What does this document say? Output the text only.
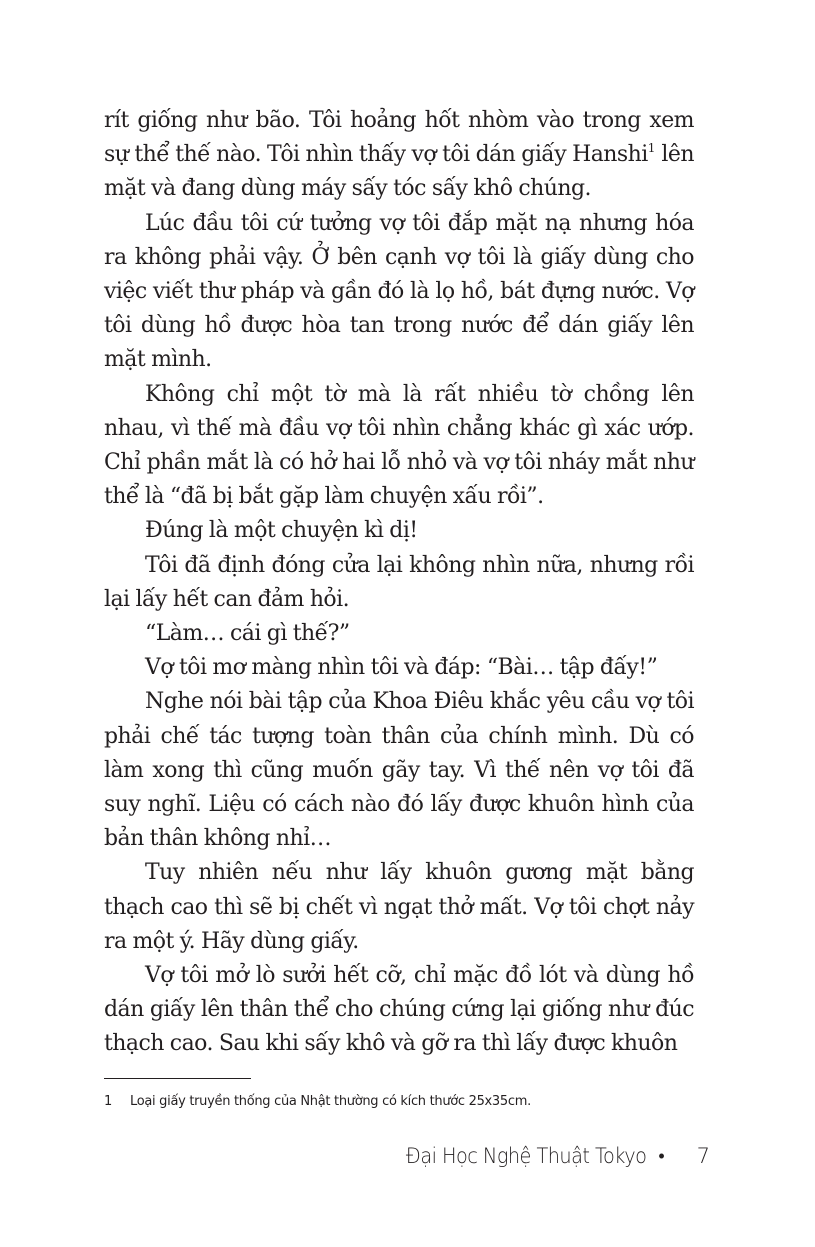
rít giống như bão. Tôi hoảng hốt nhòm vào trong xem sự thể thế nào. Tôi nhìn thấy vợ tôi dán giấy Hanshi$^1$ lên mặt và đang dùng máy sấy tóc sấy khô chúng.

Lúc đầu tôi cứ tưởng vợ tôi đắp mặt nạ nhưng hóa ra không phải vậy. Ở bên cạnh vợ tôi là giấy dùng cho việc viết thư pháp và gần đó là lọ hồ, bát đựng nước. Vợ tôi dùng hồ được hòa tan trong nước để dán giấy lên mặt mình.

Không chỉ một tờ mà là rất nhiều tờ chồng lên nhau, vì thế mà đầu vợ tôi nhìn chẳng khác gì xác ướp. Chỉ phần mắt là có hở hai lỗ nhỏ và vợ tôi nháy mắt như thể là “đã bị bắt gặp làm chuyện xấu rồi”.

Đúng là một chuyện kì dị!

Tôi đã định đóng cửa lại không nhìn nữa, nhưng rồi lại lấy hết can đảm hỏi.

“Làm… cái gì thế?”

Vợ tôi mơ màng nhìn tôi và đáp: “Bài… tập đấy!”

Nghe nói bài tập của Khoa Điêu khắc yêu cầu vợ tôi phải chế tác tượng toàn thân của chính mình. Dù có làm xong thì cũng muốn gãy tay. Vì thế nên vợ tôi đã suy nghĩ. Liệu có cách nào đó lấy được khuôn hình của bản thân không nhỉ…

Tuy nhiên nếu như lấy khuôn gương mặt bằng thạch cao thì sẽ bị chết vì ngạt thở mất. Vợ tôi chợt nảy ra một ý. Hãy dùng giấy.

Vợ tôi mở lò sưởi hết cỡ, chỉ mặc đồ lót và dùng hồ dán giấy lên thân thể cho chúng cứng lại giống như đúc thạch cao. Sau khi sấy khô và gỡ ra thì lấy được khuôn

1 Loại giấy truyền thống của Nhật thường có kích thước 25x35cm.
Đại Học Nghệ Thuật Tokyo • 7
